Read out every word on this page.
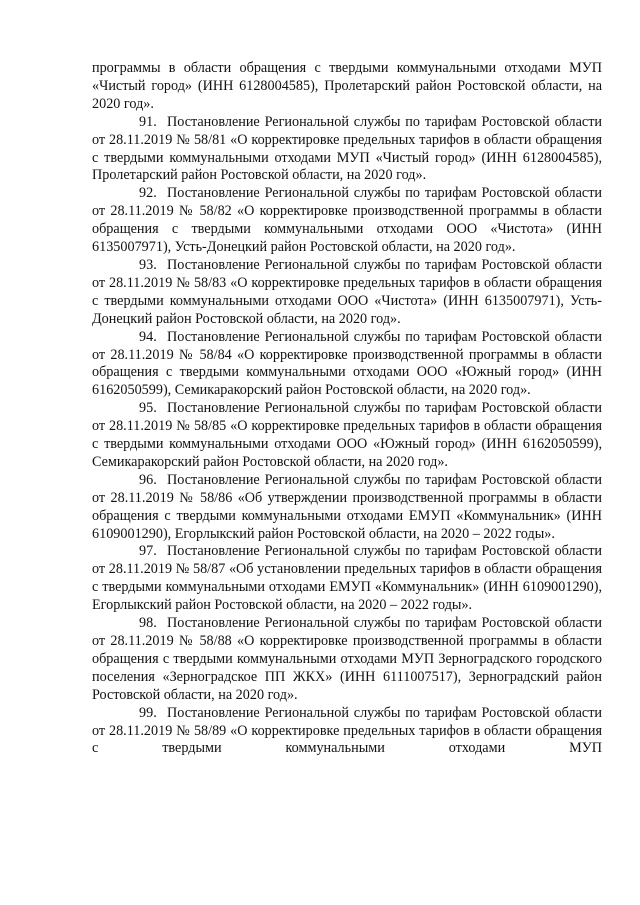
программы в области обращения с твердыми коммунальными отходами МУП «Чистый город» (ИНН 6128004585), Пролетарский район Ростовской области, на 2020 год».

91. Постановление Региональной службы по тарифам Ростовской области от 28.11.2019 № 58/81 «О корректировке предельных тарифов в области обращения с твердыми коммунальными отходами МУП «Чистый город» (ИНН 6128004585), Пролетарский район Ростовской области, на 2020 год».

92. Постановление Региональной службы по тарифам Ростовской области от 28.11.2019 № 58/82 «О корректировке производственной программы в области обращения с твердыми коммунальными отходами ООО «Чистота» (ИНН 6135007971), Усть-Донецкий район Ростовской области, на 2020 год».

93. Постановление Региональной службы по тарифам Ростовской области от 28.11.2019 № 58/83 «О корректировке предельных тарифов в области обращения с твердыми коммунальными отходами ООО «Чистота» (ИНН 6135007971), Усть-Донецкий район Ростовской области, на 2020 год».

94. Постановление Региональной службы по тарифам Ростовской области от 28.11.2019 № 58/84 «О корректировке производственной программы в области обращения с твердыми коммунальными отходами ООО «Южный город» (ИНН 6162050599), Семикаракорский район Ростовской области, на 2020 год».

95. Постановление Региональной службы по тарифам Ростовской области от 28.11.2019 № 58/85 «О корректировке предельных тарифов в области обращения с твердыми коммунальными отходами ООО «Южный город» (ИНН 6162050599), Семикаракорский район Ростовской области, на 2020 год».

96. Постановление Региональной службы по тарифам Ростовской области от 28.11.2019 № 58/86 «Об утверждении производственной программы в области обращения с твердыми коммунальными отходами ЕМУП «Коммунальник» (ИНН 6109001290), Егорлыкский район Ростовской области, на 2020 – 2022 годы».

97. Постановление Региональной службы по тарифам Ростовской области от 28.11.2019 № 58/87 «Об установлении предельных тарифов в области обращения с твердыми коммунальными отходами ЕМУП «Коммунальник» (ИНН 6109001290), Егорлыкский район Ростовской области, на 2020 – 2022 годы».

98. Постановление Региональной службы по тарифам Ростовской области от 28.11.2019 № 58/88 «О корректировке производственной программы в области обращения с твердыми коммунальными отходами МУП Зерноградского городского поселения «Зерноградское ПП ЖКХ» (ИНН 6111007517), Зерноградский район Ростовской области, на 2020 год».

99. Постановление Региональной службы по тарифам Ростовской области от 28.11.2019 № 58/89 «О корректировке предельных тарифов в области обращения с твердыми коммунальными отходами МУП
